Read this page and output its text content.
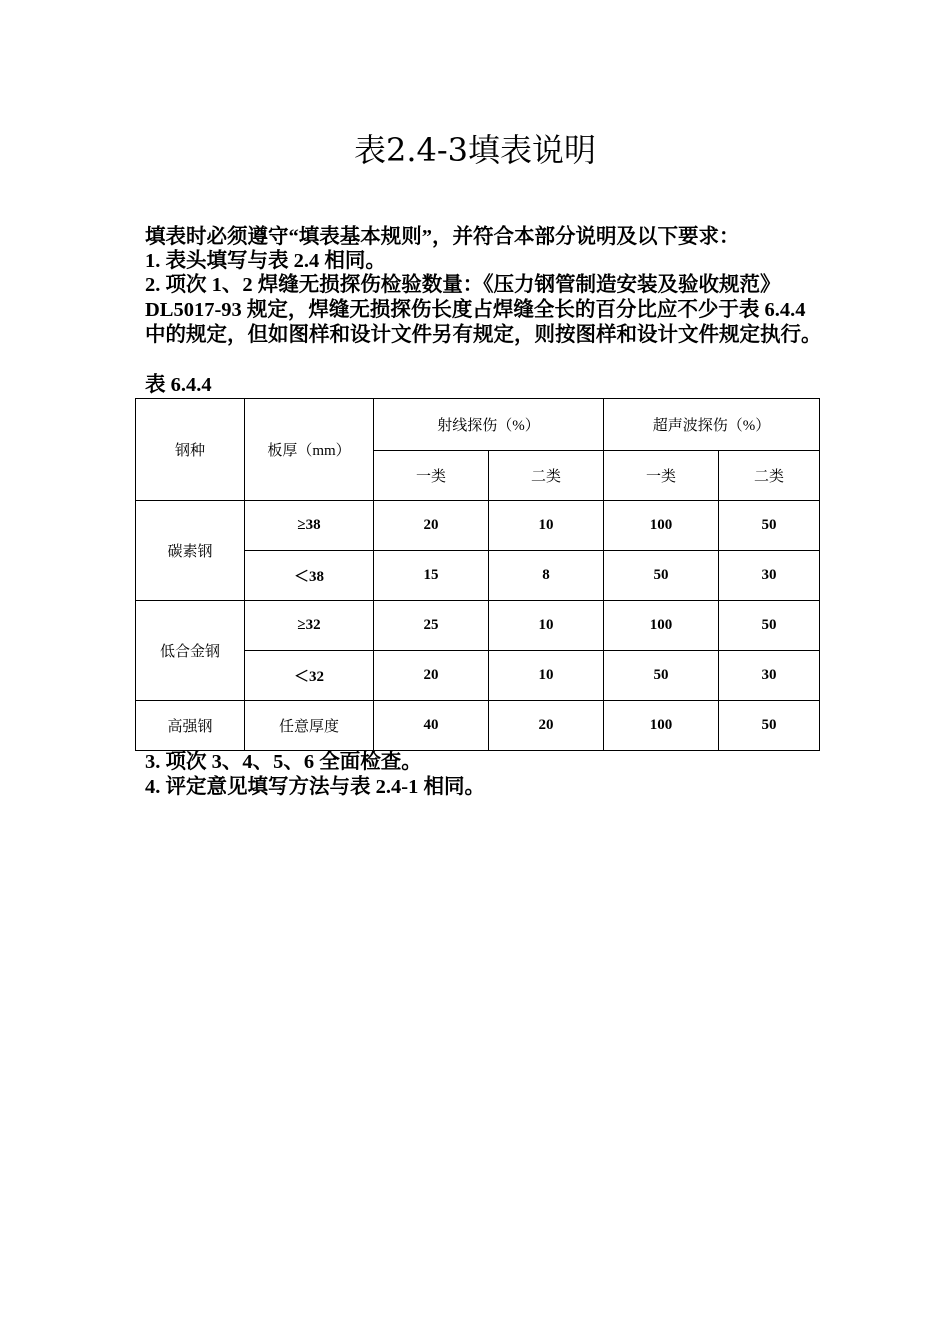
表2.4-3填表说明

填表时必须遵守“填表基本规则”，并符合本部分说明及以下要求：

1. 表头填写与表 2.4 相同。

2. 项次 1、2 焊缝无损探伤检验数量：《压力钢管制造安装及验收规范》DL5017-93 规定，焊缝无损探伤长度占焊缝全长的百分比应不少于表 6.4.4 中的规定，但如图样和设计文件另有规定，则按图样和设计文件规定执行。

表 6.4.4

钢种	板厚（mm）	射线探伤（%）		超声波探伤（%）	
		一类	二类	一类	二类
碳素钢	≥38	20	10	100	50
	＜38	15	8	50	30
低合金钢	≥32	25	10	100	50
	＜32	20	10	50	30
高强钢	任意厚度	40	20	100	50

3. 项次 3、4、5、6 全面检查。

4. 评定意见填写方法与表 2.4-1 相同。
